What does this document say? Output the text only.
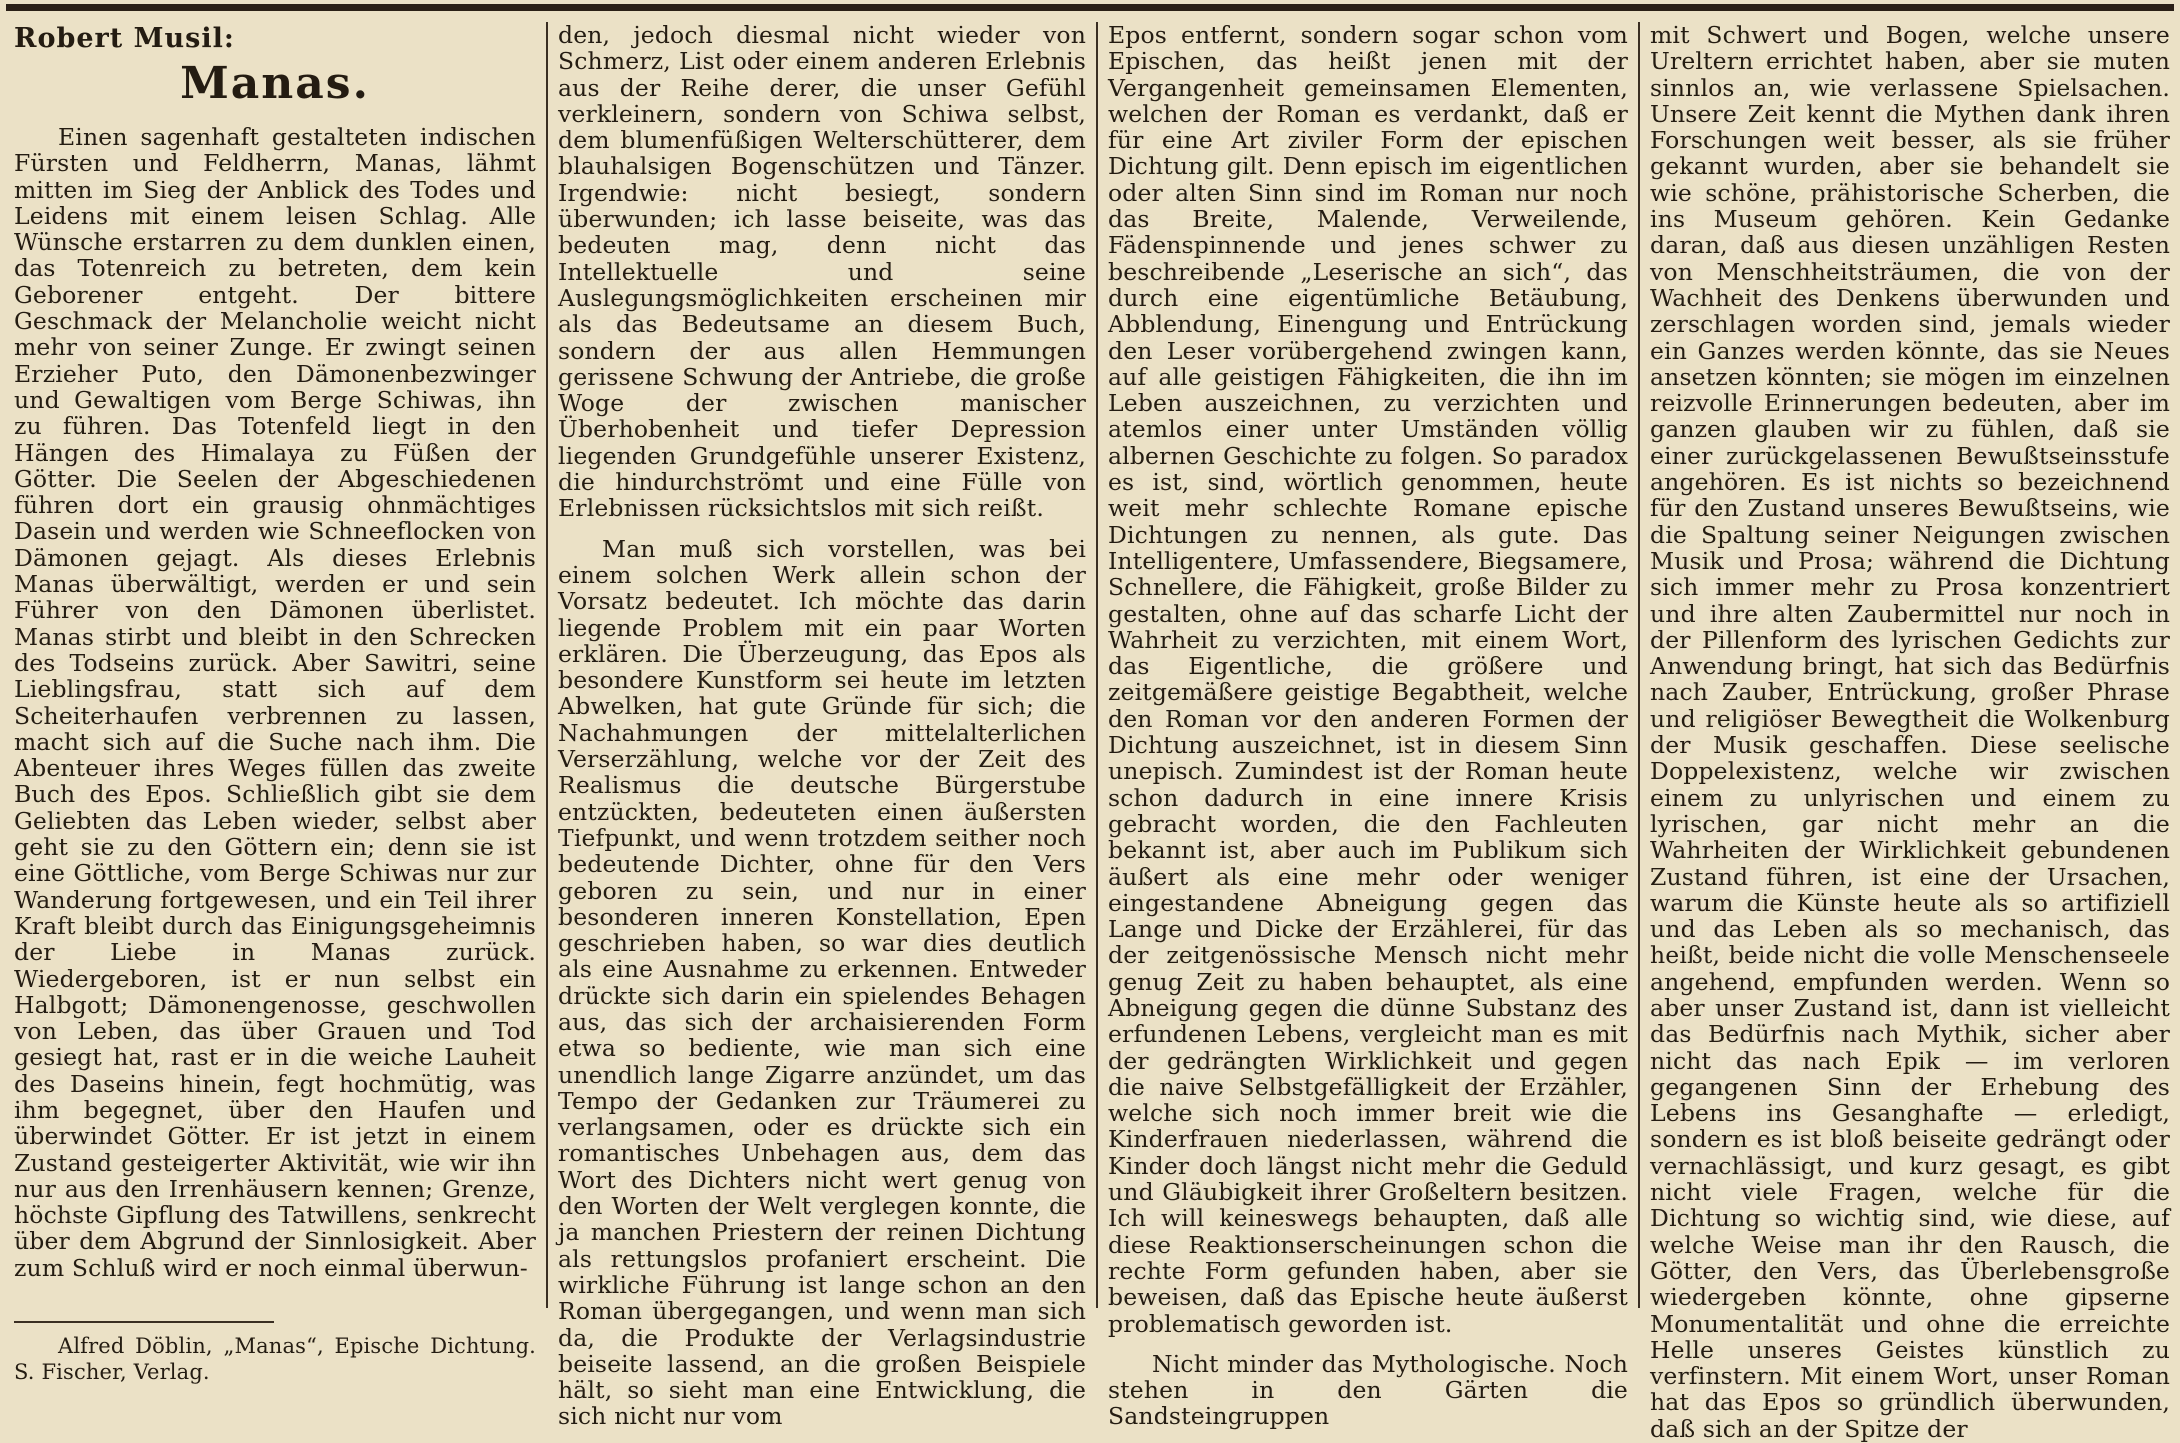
Robert Musil:
Manas.

Einen sagenhaft gestalteten indischen Fürsten und Feldherrn, Manas, lähmt mitten im Sieg der Anblick des Todes und Leidens mit einem leisen Schlag. Alle Wünsche erstarren zu dem dunklen einen, das Totenreich zu betreten, dem kein Geborener entgeht. Der bittere Geschmack der Melancholie weicht nicht mehr von seiner Zunge. Er zwingt seinen Erzieher Puto, den Dämonenbezwinger und Gewaltigen vom Berge Schiwas, ihn zu führen. Das Totenfeld liegt in den Hängen des Himalaya zu Füßen der Götter. Die Seelen der Abgeschiedenen führen dort ein grausig ohnmächtiges Dasein und werden wie Schneeflocken von Dämonen gejagt. Als dieses Erlebnis Manas überwältigt, werden er und sein Führer von den Dämonen überlistet. Manas stirbt und bleibt in den Schrecken des Todseins zurück. Aber Sawitri, seine Lieblingsfrau, statt sich auf dem Scheiterhaufen verbrennen zu lassen, macht sich auf die Suche nach ihm. Die Abenteuer ihres Weges füllen das zweite Buch des Epos. Schließlich gibt sie dem Geliebten das Leben wieder, selbst aber geht sie zu den Göttern ein; denn sie ist eine Göttliche, vom Berge Schiwas nur zur Wanderung fortgewesen, und ein Teil ihrer Kraft bleibt durch das Einigungsgeheimnis der Liebe in Manas zurück. Wiedergeboren, ist er nun selbst ein Halbgott; Dämonengenosse, geschwollen von Leben, das über Grauen und Tod gesiegt hat, rast er in die weiche Lauheit des Daseins hinein, fegt hochmütig, was ihm begegnet, über den Haufen und überwindet Götter. Er ist jetzt in einem Zustand gesteigerter Aktivität, wie wir ihn nur aus den Irrenhäusern kennen; Grenze, höchste Gipflung des Tatwillens, senkrecht über dem Abgrund der Sinnlosigkeit. Aber zum Schluß wird er noch einmal überwun-

Alfred Döblin, „Manas“, Epische Dichtung. S. Fischer, Verlag.

den, jedoch diesmal nicht wieder von Schmerz, List oder einem anderen Erlebnis aus der Reihe derer, die unser Gefühl verkleinern, sondern von Schiwa selbst, dem blumenfüßigen Welterschütterer, dem blauhalsigen Bogenschützen und Tänzer. Irgendwie: nicht besiegt, sondern überwunden; ich lasse beiseite, was das bedeuten mag, denn nicht das Intellektuelle und seine Auslegungsmöglichkeiten erscheinen mir als das Bedeutsame an diesem Buch, sondern der aus allen Hemmungen gerissene Schwung der Antriebe, die große Woge der zwischen manischer Überhobenheit und tiefer Depression liegenden Grundgefühle unserer Existenz, die hindurchströmt und eine Fülle von Erlebnissen rücksichtslos mit sich reißt.

Man muß sich vorstellen, was bei einem solchen Werk allein schon der Vorsatz bedeutet. Ich möchte das darin liegende Problem mit ein paar Worten erklären. Die Überzeugung, das Epos als besondere Kunstform sei heute im letzten Abwelken, hat gute Gründe für sich; die Nachahmungen der mittelalterlichen Verserzählung, welche vor der Zeit des Realismus die deutsche Bürgerstube entzückten, bedeuteten einen äußersten Tiefpunkt, und wenn trotzdem seither noch bedeutende Dichter, ohne für den Vers geboren zu sein, und nur in einer besonderen inneren Konstellation, Epen geschrieben haben, so war dies deutlich als eine Ausnahme zu erkennen. Entweder drückte sich darin ein spielendes Behagen aus, das sich der archaisierenden Form etwa so bediente, wie man sich eine unendlich lange Zigarre anzündet, um das Tempo der Gedanken zur Träumerei zu verlangsamen, oder es drückte sich ein romantisches Unbehagen aus, dem das Wort des Dichters nicht wert genug von den Worten der Welt verglegen konnte, die ja manchen Priestern der reinen Dichtung als rettungslos profaniert erscheint. Die wirkliche Führung ist lange schon an den Roman übergegangen, und wenn man sich da, die Produkte der Verlagsindustrie beiseite lassend, an die großen Beispiele hält, so sieht man eine Entwicklung, die sich nicht nur vom

Epos entfernt, sondern sogar schon vom Epischen, das heißt jenen mit der Vergangenheit gemeinsamen Elementen, welchen der Roman es verdankt, daß er für eine Art ziviler Form der epischen Dichtung gilt. Denn episch im eigentlichen oder alten Sinn sind im Roman nur noch das Breite, Malende, Verweilende, Fädenspinnende und jenes schwer zu beschreibende „Leserische an sich“, das durch eine eigentümliche Betäubung, Abblendung, Einengung und Entrückung den Leser vorübergehend zwingen kann, auf alle geistigen Fähigkeiten, die ihn im Leben auszeichnen, zu verzichten und atemlos einer unter Umständen völlig albernen Geschichte zu folgen. So paradox es ist, sind, wörtlich genommen, heute weit mehr schlechte Romane epische Dichtungen zu nennen, als gute. Das Intelligentere, Umfassendere, Biegsamere, Schnellere, die Fähigkeit, große Bilder zu gestalten, ohne auf das scharfe Licht der Wahrheit zu verzichten, mit einem Wort, das Eigentliche, die größere und zeitgemäßere geistige Begabtheit, welche den Roman vor den anderen Formen der Dichtung auszeichnet, ist in diesem Sinn unepisch. Zumindest ist der Roman heute schon dadurch in eine innere Krisis gebracht worden, die den Fachleuten bekannt ist, aber auch im Publikum sich äußert als eine mehr oder weniger eingestandene Abneigung gegen das Lange und Dicke der Erzählerei, für das der zeitgenössische Mensch nicht mehr genug Zeit zu haben behauptet, als eine Abneigung gegen die dünne Substanz des erfundenen Lebens, vergleicht man es mit der gedrängten Wirklichkeit und gegen die naive Selbstgefälligkeit der Erzähler, welche sich noch immer breit wie die Kinderfrauen niederlassen, während die Kinder doch längst nicht mehr die Geduld und Gläubigkeit ihrer Großeltern besitzen. Ich will keineswegs behaupten, daß alle diese Reaktionserscheinungen schon die rechte Form gefunden haben, aber sie beweisen, daß das Epische heute äußerst problematisch geworden ist.

Nicht minder das Mythologische. Noch stehen in den Gärten die Sandsteingruppen

mit Schwert und Bogen, welche unsere Ureltern errichtet haben, aber sie muten sinnlos an, wie verlassene Spielsachen. Unsere Zeit kennt die Mythen dank ihren Forschungen weit besser, als sie früher gekannt wurden, aber sie behandelt sie wie schöne, prähistorische Scherben, die ins Museum gehören. Kein Gedanke daran, daß aus diesen unzähligen Resten von Menschheitsträumen, die von der Wachheit des Denkens überwunden und zerschlagen worden sind, jemals wieder ein Ganzes werden könnte, das sie Neues ansetzen könnten; sie mögen im einzelnen reizvolle Erinnerungen bedeuten, aber im ganzen glauben wir zu fühlen, daß sie einer zurückgelassenen Bewußtseinsstufe angehören. Es ist nichts so bezeichnend für den Zustand unseres Bewußtseins, wie die Spaltung seiner Neigungen zwischen Musik und Prosa; während die Dichtung sich immer mehr zu Prosa konzentriert und ihre alten Zaubermittel nur noch in der Pillenform des lyrischen Gedichts zur Anwendung bringt, hat sich das Bedürfnis nach Zauber, Entrückung, großer Phrase und religiöser Bewegtheit die Wolkenburg der Musik geschaffen. Diese seelische Doppelexistenz, welche wir zwischen einem zu unlyrischen und einem zu lyrischen, gar nicht mehr an die Wahrheiten der Wirklichkeit gebundenen Zustand führen, ist eine der Ursachen, warum die Künste heute als so artifiziell und das Leben als so mechanisch, das heißt, beide nicht die volle Menschenseele angehend, empfunden werden. Wenn so aber unser Zustand ist, dann ist vielleicht das Bedürfnis nach Mythik, sicher aber nicht das nach Epik — im verloren gegangenen Sinn der Erhebung des Lebens ins Gesanghafte — erledigt, sondern es ist bloß beiseite gedrängt oder vernachlässigt, und kurz gesagt, es gibt nicht viele Fragen, welche für die Dichtung so wichtig sind, wie diese, auf welche Weise man ihr den Rausch, die Götter, den Vers, das Überlebensgroße wiedergeben könnte, ohne gipserne Monumentalität und ohne die erreichte Helle unseres Geistes künstlich zu verfinstern. Mit einem Wort, unser Roman hat das Epos so gründlich überwunden, daß sich an der Spitze der
